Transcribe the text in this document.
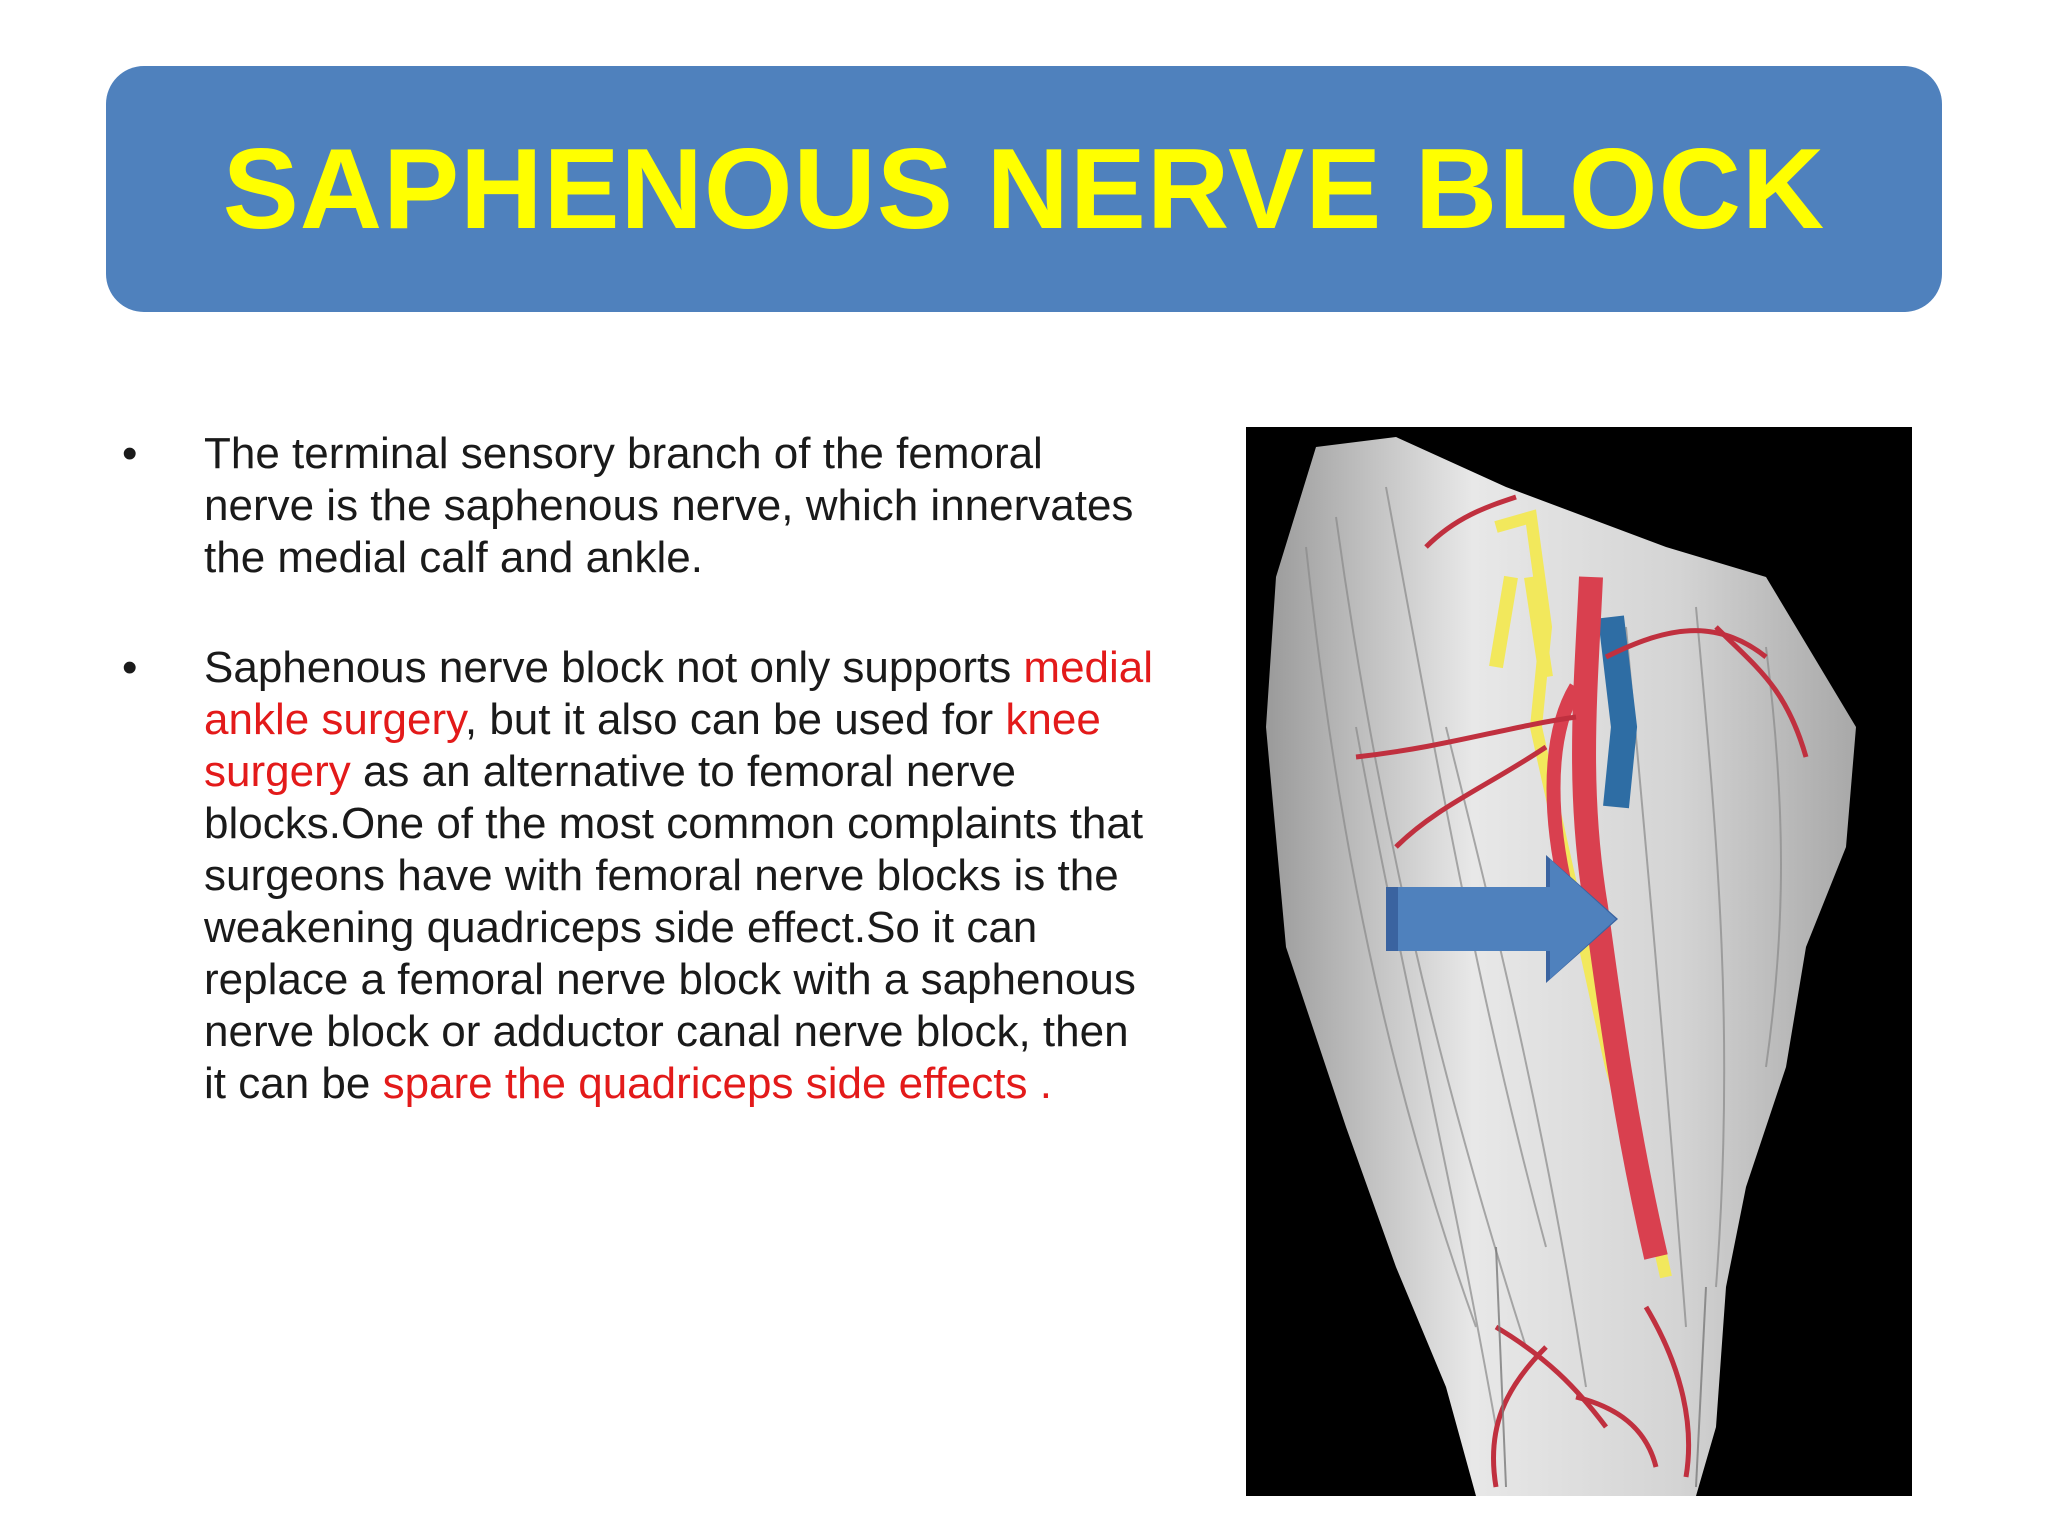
SAPHENOUS NERVE BLOCK
•	The terminal sensory branch of the femoral nerve is the saphenous nerve, which innervates the medial calf and ankle.
•	Saphenous nerve block not only supports medial ankle surgery, but it also can be used for knee surgery as an alternative to femoral nerve blocks.One of the most common complaints that surgeons have with femoral nerve blocks is the weakening quadriceps side effect.So it can replace a femoral nerve block with a saphenous nerve block or adductor canal nerve block, then it can be spare the quadriceps side effects .
